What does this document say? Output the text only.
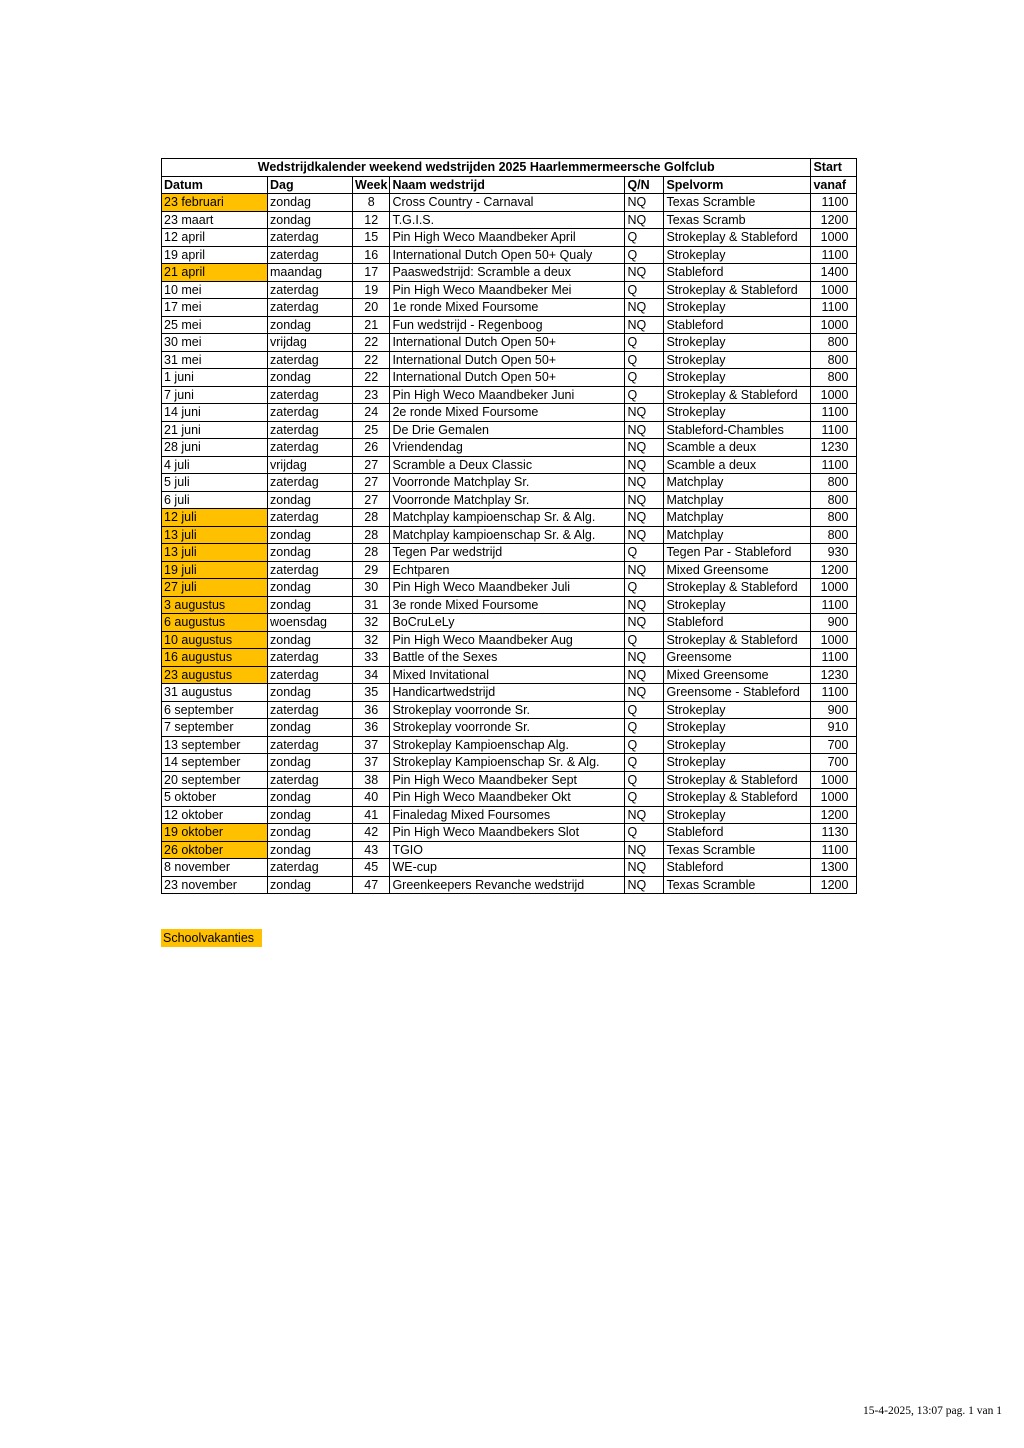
Wedstrijdkalender weekend wedstrijden 2025 Haarlemmermeersche Golfclub						Start
Datum	Dag	Week	Naam wedstrijd	Q/N	Spelvorm	vanaf
23 februari	zondag	8	Cross Country - Carnaval	NQ	Texas Scramble	1100
23 maart	zondag	12	T.G.I.S.	NQ	Texas Scramb	1200
12 april	zaterdag	15	Pin High Weco Maandbeker April	Q	Strokeplay & Stableford	1000
19 april	zaterdag	16	International Dutch Open 50+ Qualy	Q	Strokeplay	1100
21 april	maandag	17	Paaswedstrijd: Scramble a deux	NQ	Stableford	1400
10 mei	zaterdag	19	Pin High Weco Maandbeker Mei	Q	Strokeplay & Stableford	1000
17 mei	zaterdag	20	1e ronde Mixed Foursome	NQ	Strokeplay	1100
25 mei	zondag	21	Fun wedstrijd - Regenboog	NQ	Stableford	1000
30 mei	vrijdag	22	International Dutch Open 50+	Q	Strokeplay	800
31 mei	zaterdag	22	International Dutch Open 50+	Q	Strokeplay	800
1 juni	zondag	22	International Dutch Open 50+	Q	Strokeplay	800
7 juni	zaterdag	23	Pin High Weco Maandbeker Juni	Q	Strokeplay & Stableford	1000
14 juni	zaterdag	24	2e ronde Mixed Foursome	NQ	Strokeplay	1100
21 juni	zaterdag	25	De Drie Gemalen	NQ	Stableford-Chambles	1100
28 juni	zaterdag	26	Vriendendag	NQ	Scamble a deux	1230
4 juli	vrijdag	27	Scramble a Deux Classic	NQ	Scamble a deux	1100
5 juli	zaterdag	27	Voorronde Matchplay Sr.	NQ	Matchplay	800
6 juli	zondag	27	Voorronde Matchplay Sr.	NQ	Matchplay	800
12 juli	zaterdag	28	Matchplay kampioenschap Sr. & Alg.	NQ	Matchplay	800
13 juli	zondag	28	Matchplay kampioenschap Sr. & Alg.	NQ	Matchplay	800
13 juli	zondag	28	Tegen Par wedstrijd	Q	Tegen Par - Stableford	930
19 juli	zaterdag	29	Echtparen	NQ	Mixed Greensome	1200
27 juli	zondag	30	Pin High Weco Maandbeker Juli	Q	Strokeplay & Stableford	1000
3 augustus	zondag	31	3e ronde Mixed Foursome	NQ	Strokeplay	1100
6 augustus	woensdag	32	BoCruLeLy	NQ	Stableford	900
10 augustus	zondag	32	Pin High Weco Maandbeker Aug	Q	Strokeplay & Stableford	1000
16 augustus	zaterdag	33	Battle of the Sexes	NQ	Greensome	1100
23 augustus	zaterdag	34	Mixed Invitational	NQ	Mixed Greensome	1230
31 augustus	zondag	35	Handicartwedstrijd	NQ	Greensome - Stableford	1100
6 september	zaterdag	36	Strokeplay voorronde Sr.	Q	Strokeplay	900
7 september	zondag	36	Strokeplay voorronde Sr.	Q	Strokeplay	910
13 september	zaterdag	37	Strokeplay Kampioenschap Alg.	Q	Strokeplay	700
14 september	zondag	37	Strokeplay Kampioenschap Sr. & Alg.	Q	Strokeplay	700
20 september	zaterdag	38	Pin High Weco Maandbeker Sept	Q	Strokeplay & Stableford	1000
5 oktober	zondag	40	Pin High Weco Maandbeker Okt	Q	Strokeplay & Stableford	1000
12 oktober	zondag	41	Finaledag Mixed Foursomes	NQ	Strokeplay	1200
19 oktober	zondag	42	Pin High Weco Maandbekers Slot	Q	Stableford	1130
26 oktober	zondag	43	TGIO	NQ	Texas Scramble	1100
8 november	zaterdag	45	WE-cup	NQ	Stableford	1300
23 november	zondag	47	Greenkeepers Revanche wedstrijd	NQ	Texas Scramble	1200
Schoolvakanties
15-4-2025, 13:07 pag. 1 van 1
